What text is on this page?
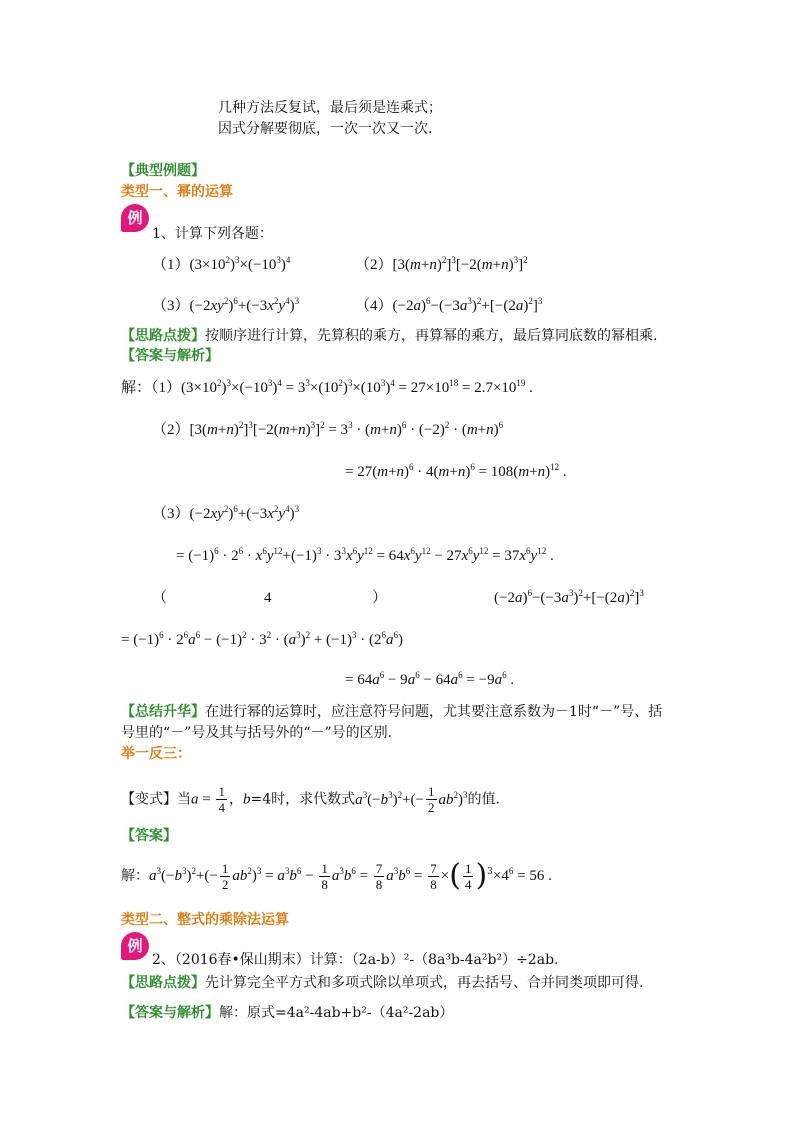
几种方法反复试，最后须是连乘式；
因式分解要彻底，一次一次又一次.
【典型例题】
类型一、幂的运算
例
1、计算下列各题：
$(1)(3\times 10^2)^3\times(-10^3)^4$	$(2)[3(m+n)^2]^3[-2(m+n)^3]^2$
$(3)(-2xy^2)^6+(-3x^2y^4)^3$	$(4)(-2a)^6-(-3a^3)^2+[-(2a)^2]^3$
【思路点拨】按顺序进行计算，先算积的乘方，再算幂的乘方，最后算同底数的幂相乘.
【答案与解析】
解：$(1)(3\times 10^2)^3\times(-10^3)^4 = 3^3\times(10^2)^3\times(10^3)^4 = 27\times 10^{18} = 2.7\times 10^{19}$ .
$(2)[3(m+n)^2]^3[-2(m+n)^3]^2 = 3^3 \cdot (m+n)^6 \cdot (-2)^2 \cdot (m+n)^6$
= $27(m+n)^6 \cdot 4(m+n)^6 = 108(m+n)^{12}$ .
$(3)(-2xy^2)^6+(-3x^2y^4)^3$
= $(-1)^6 \cdot 2^6 \cdot x^6y^{12}+(-1)^3 \cdot 3^3x^6y^{12} = 64x^6y^{12} - 27x^6y^{12} = 37x^6y^{12}$ .
（	4	）	$(-2a)^6-(-3a^3)^2+[-(2a)^2]^3$
= $(-1)^6 \cdot 2^6a^6 - (-1)^2 \cdot 3^2 \cdot (a^3)^2 + (-1)^3 \cdot (2^6a^6)$
= $64a^6 - 9a^6 - 64a^6 = -9a^6$ .
【总结升华】在进行幂的运算时，应注意符号问题，尤其要注意系数为－1时“－”号、括
号里的“－”号及其与括号外的“－”号的区别.
举一反三：
【变式】当$a = \frac{1}{4}$ ，b=4时，求代数式$a^3(-b^3)^2+(- \frac{1}{2} ab^2)^3$的值.
【答案】
解：$a^3(-b^3)^2+(- \frac{1}{2} ab^2)^3 = a^3b^6 - \frac{1}{8} a^3b^6 = \frac{7}{8} a^3b^6 = \frac{7}{8}$ ×( $\frac{1}{4} )^3\times 4^6 = 56$ .
类型二、整式的乘除法运算
例
2、（2016春•保山期末）计算：（2a-b）²-（8a³b-4a²b²）÷2ab.
【思路点拨】先计算完全平方式和多项式除以单项式，再去括号、合并同类项即可得.
【答案与解析】解：原式=4a²-4ab+b²-（4a²-2ab）
